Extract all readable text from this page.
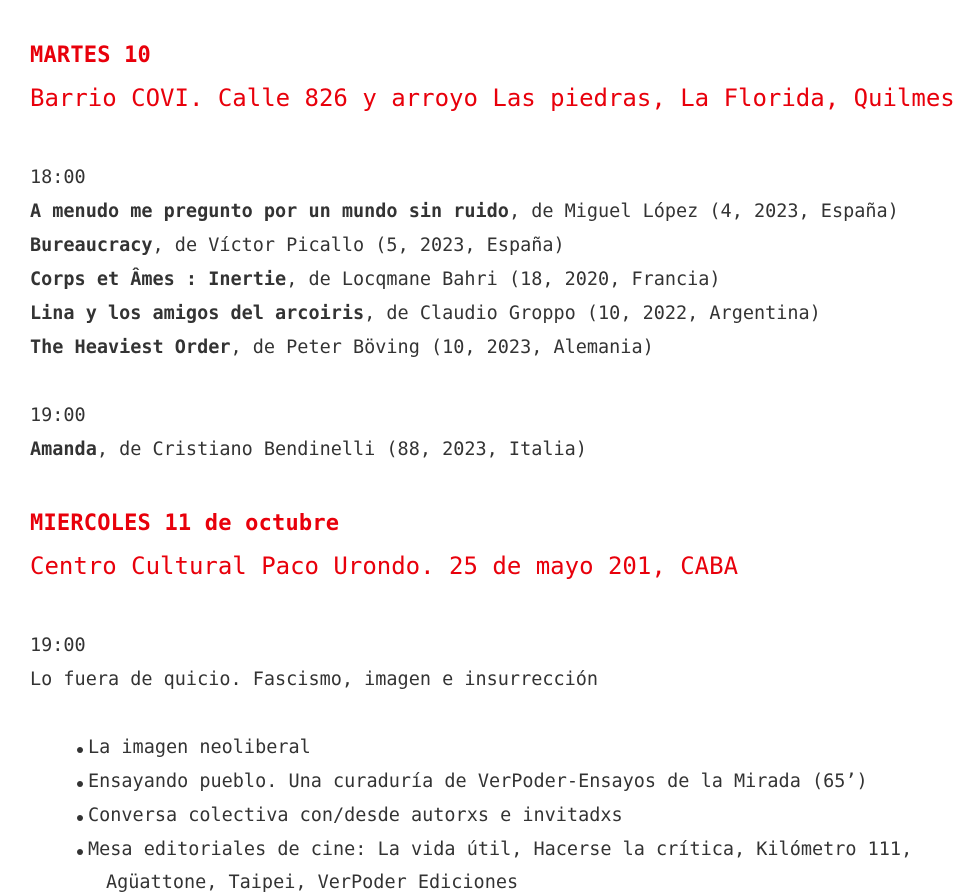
MARTES 10
Barrio COVI. Calle 826 y arroyo Las piedras, La Florida, Quilmes
18:00
A menudo me pregunto por un mundo sin ruido, de Miguel López (4, 2023, España)
Bureaucracy, de Víctor Picallo (5, 2023, España)
Corps et Âmes : Inertie, de Locqmane Bahri (18, 2020, Francia)
Lina y los amigos del arcoiris, de Claudio Groppo (10, 2022, Argentina)
The Heaviest Order, de Peter Böving (10, 2023, Alemania)
19:00
Amanda, de Cristiano Bendinelli (88, 2023, Italia)
MIERCOLES 11 de octubre
Centro Cultural Paco Urondo. 25 de mayo 201, CABA
19:00
Lo fuera de quicio. Fascismo, imagen e insurrección
La imagen neoliberal
Ensayando pueblo. Una curaduría de VerPoder-Ensayos de la Mirada (65’)
Conversa colectiva con/desde autorxs e invitadxs
Mesa editoriales de cine: La vida útil, Hacerse la crítica, Kilómetro 111,
Agüattone, Taipei, VerPoder Ediciones
